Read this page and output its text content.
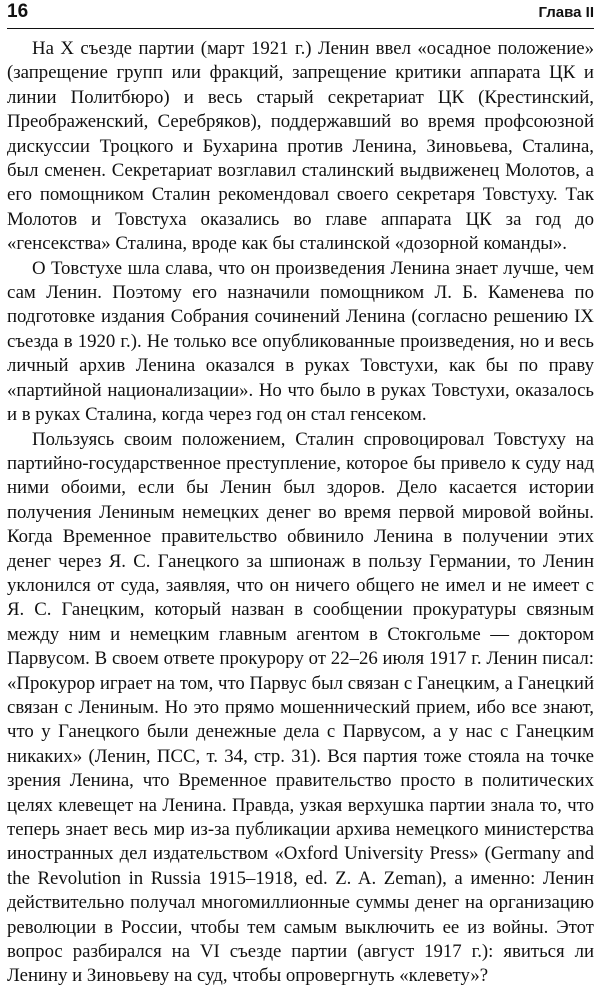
16	Глава II

На X съезде партии (март 1921 г.) Ленин ввел «осадное положение» (запрещение групп или фракций, запрещение критики аппарата ЦК и линии Политбюро) и весь старый секретариат ЦК (Крестинский, Преображенский, Серебряков), поддержавший во время профсоюзной дискуссии Троцкого и Бухарина против Ленина, Зиновьева, Сталина, был сменен. Секретариат возглавил сталинский выдвиженец Молотов, а его помощником Сталин рекомендовал своего секретаря Товстуху. Так Молотов и Товстуха оказались во главе аппарата ЦК за год до «генсекства» Сталина, вроде как бы сталинской «дозорной команды».

О Товстухе шла слава, что он произведения Ленина знает лучше, чем сам Ленин. Поэтому его назначили помощником Л. Б. Каменева по подготовке издания Собрания сочинений Ленина (согласно решению IX съезда в 1920 г.). Не только все опубликованные произведения, но и весь личный архив Ленина оказался в руках Товстухи, как бы по праву «партийной национализации». Но что было в руках Товстухи, оказалось и в руках Сталина, когда через год он стал генсеком.

Пользуясь своим положением, Сталин спровоцировал Товстуху на партийно-государственное преступление, которое бы привело к суду над ними обоими, если бы Ленин был здоров. Дело касается истории получения Лениным немецких денег во время первой мировой войны. Когда Временное правительство обвинило Ленина в получении этих денег через Я. С. Ганецкого за шпионаж в пользу Германии, то Ленин уклонился от суда, заявляя, что он ничего общего не имел и не имеет с Я. С. Ганецким, который назван в сообщении прокуратуры связным между ним и немецким главным агентом в Стокгольме — доктором Парвусом. В своем ответе прокурору от 22–26 июля 1917 г. Ленин писал: «Прокурор играет на том, что Парвус был связан с Ганецким, а Ганецкий связан с Лениным. Но это прямо мошеннический прием, ибо все знают, что у Ганецкого были денежные дела с Парвусом, а у нас с Ганецким никаких» (Ленин, ПСС, т. 34, стр. 31). Вся партия тоже стояла на точке зрения Ленина, что Временное правительство просто в политических целях клевещет на Ленина. Правда, узкая верхушка партии знала то, что теперь знает весь мир из-за публикации архива немецкого министерства иностранных дел издательством «Oxford University Press» (Germany and the Revolution in Russia 1915–1918, ed. Z. A. Zeman), а именно: Ленин действительно получал многомиллионные суммы денег на организацию революции в России, чтобы тем самым выключить ее из войны. Этот вопрос разбирался на VI съезде партии (август 1917 г.): явиться ли Ленину и Зиновьеву на суд, чтобы опровергнуть «клевету»?
